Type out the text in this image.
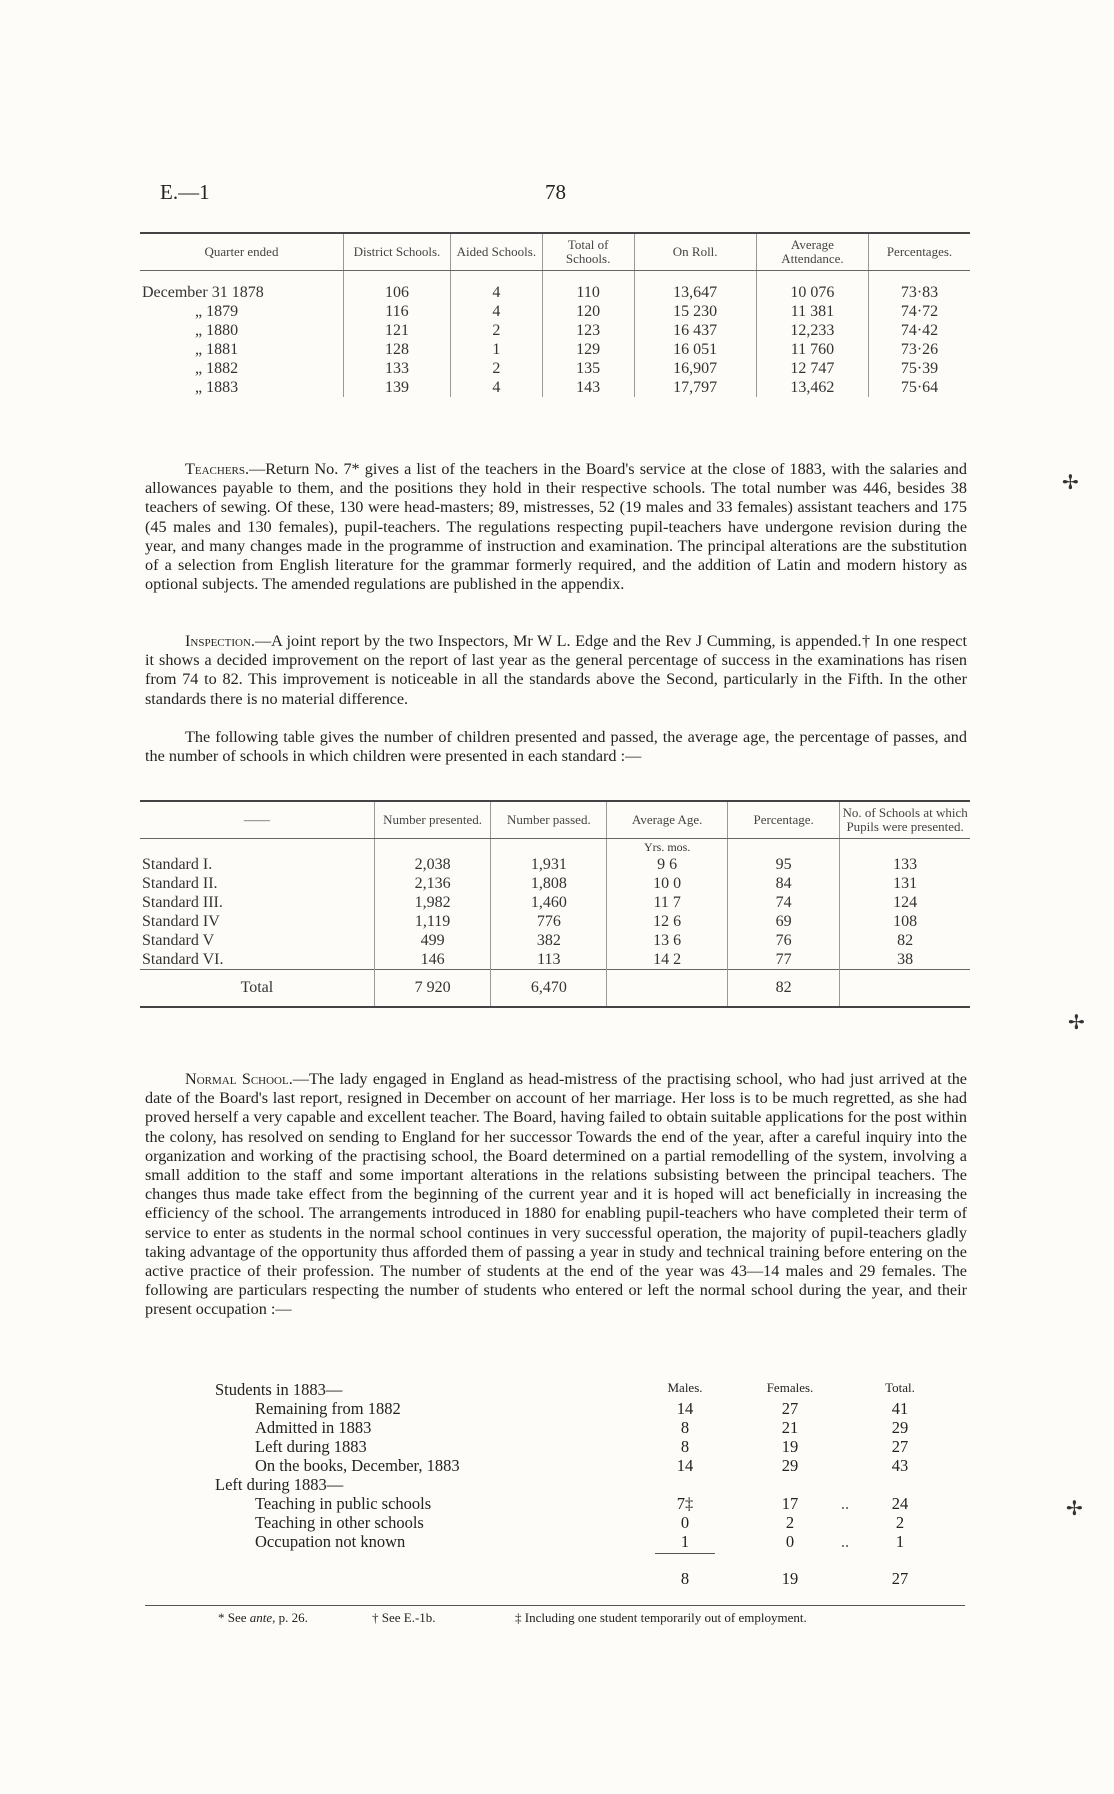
E.—1	78
Quarter ended	District Schools.	Aided Schools.	Total of Schools.	On Roll.	Average Attendance.	Percentages.

December 31 1878	106	4	110	13,647	10 076	73·83
„ 1879	116	4	120	15 230	11 381	74·72
„ 1880	121	2	123	16 437	12,233	74·42
„ 1881	128	1	129	16 051	11 760	73·26
„ 1882	133	2	135	16,907	12 747	75·39
„ 1883	139	4	143	17,797	13,462	75·64
Teachers.—Return No. 7* gives a list of the teachers in the Board's service at the close of 1883, with the salaries and allowances payable to them, and the positions they hold in their respective schools. The total number was 446, besides 38 teachers of sewing. Of these, 130 were head-masters; 89, mistresses, 52 (19 males and 33 females) assistant teachers and 175 (45 males and 130 females), pupil-teachers. The regulations respecting pupil-teachers have undergone revision during the year, and many changes made in the programme of instruction and examination. The principal alterations are the substitution of a selection from English literature for the grammar formerly required, and the addition of Latin and modern history as optional subjects. The amended regulations are published in the appendix.
Inspection.—A joint report by the two Inspectors, Mr W L. Edge and the Rev J Cumming, is appended.† In one respect it shows a decided improvement on the report of last year as the general percentage of success in the examinations has risen from 74 to 82. This improvement is noticeable in all the standards above the Second, particularly in the Fifth. In the other standards there is no material difference.
The following table gives the number of children presented and passed, the average age, the percentage of passes, and the number of schools in which children were presented in each standard :—
——	Number presented.	Number passed.	Average Age.	Percentage.	No. of Schools at which Pupils were presented.
			Yrs. mos.		
Standard I.	2,038	1,931	9 6	95	133
Standard II.	2,136	1,808	10 0	84	131
Standard III.	1,982	1,460	11 7	74	124
Standard IV	1,119	776	12 6	69	108
Standard V	499	382	13 6	76	82
Standard VI.	146	113	14 2	77	38
Total	7 920	6,470		82	
Normal School.—The lady engaged in England as head-mistress of the practising school, who had just arrived at the date of the Board's last report, resigned in December on account of her marriage. Her loss is to be much regretted, as she had proved herself a very capable and excellent teacher. The Board, having failed to obtain suitable applications for the post within the colony, has resolved on sending to England for her successor Towards the end of the year, after a careful inquiry into the organization and working of the practising school, the Board determined on a partial remodelling of the system, involving a small addition to the staff and some important alterations in the relations subsisting between the principal teachers. The changes thus made take effect from the beginning of the current year and it is hoped will act beneficially in increasing the efficiency of the school. The arrangements introduced in 1880 for enabling pupil-teachers who have completed their term of service to enter as students in the normal school continues in very successful operation, the majority of pupil-teachers gladly taking advantage of the opportunity thus afforded them of passing a year in study and technical training before entering on the active practice of their profession. The number of students at the end of the year was 43—14 males and 29 females. The following are particulars respecting the number of students who entered or left the normal school during the year, and their present occupation :—
Students in 1883—	Males.	Females.	Total.
Remaining from 1882	14	27	41
Admitted in 1883	8	21	29
Left during 1883	8	19	27
On the books, December, 1883	14	29	43
Left during 1883—
Teaching in public schools	7‡	17	..	24
Teaching in other schools	0	2	2
Occupation not known	1	0	..	1
8	19	27
* See ante, p. 26.	† See E.-1b.	‡ Including one student temporarily out of employment.
✢
✢
✢
